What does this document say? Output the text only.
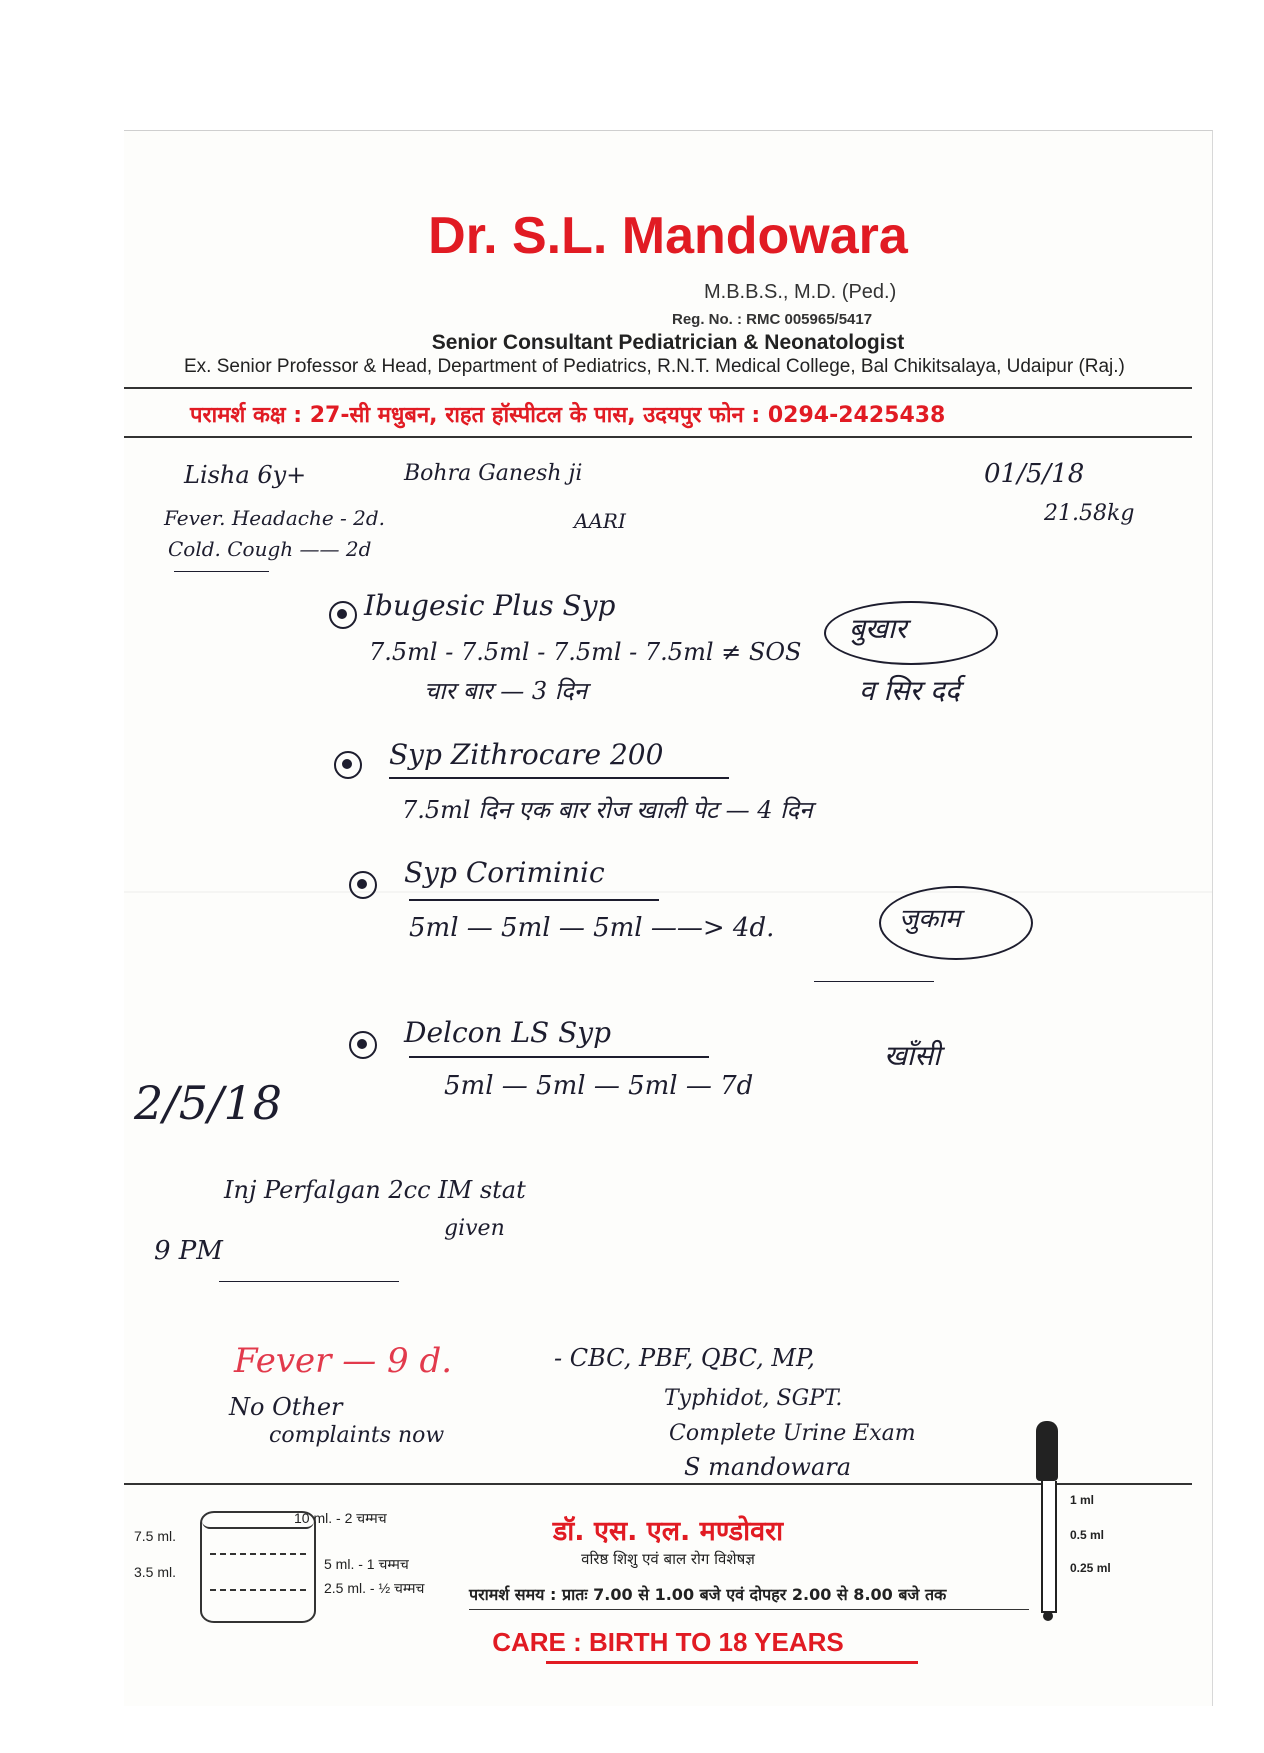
Dr. S.L. Mandowara
M.B.B.S., M.D. (Ped.)
Reg. No. : RMC 005965/5417
Senior Consultant Pediatrician & Neonatologist
Ex. Senior Professor & Head, Department of Pediatrics, R.N.T. Medical College, Bal Chikitsalaya, Udaipur (Raj.)
परामर्श कक्ष : 27-सी मधुबन, राहत हॉस्पीटल के पास, उदयपुर फोन : 0294-2425438
Lisha 6y+	Bohra Ganesh ji	01/5/18
21.58kg
Fever. Headache - 2d.
Cold. Cough —— 2d
AARI
Ibugesic Plus Syp
7.5ml - 7.5ml - 7.5ml - 7.5ml ≠ SOS
चार बार — 3 दिन
बुखार
व सिर दर्द
Syp Zithrocare 200
7.5ml दिन एक बार रोज खाली पेट — 4 दिन
Syp Coriminic
5ml — 5ml — 5ml ——> 4d.	जुकाम
Delcon LS Syp
5ml — 5ml — 5ml — 7d
खाँसी
2/5/18
Inj Perfalgan 2cc IM stat
given
9 PM
Fever — 9 d.	- CBC, PBF, QBC, MP,
No Other	Typhidot, SGPT.
complaints now	Complete Urine Exam
S mandowara
10 ml. - 2 चम्मच
7.5 ml.
3.5 ml.	5 ml. - 1 चम्मच
2.5 ml. - ½ चम्मच
डॉ. एस. एल. मण्डोवरा
वरिष्ठ शिशु एवं बाल रोग विशेषज्ञ
परामर्श समय : प्रातः 7.00 से 1.00 बजे एवं दोपहर 2.00 से 8.00 बजे तक
CARE : BIRTH TO 18 YEARS
1 ml
0.5 ml
0.25 ml
